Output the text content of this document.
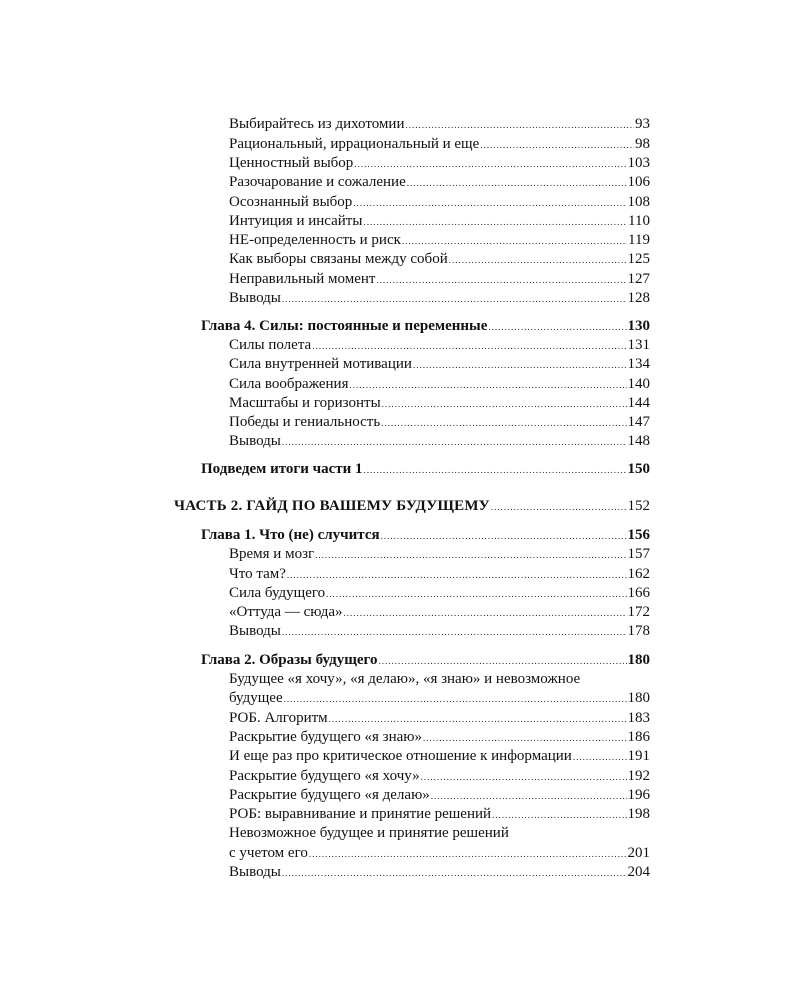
Выбирайтесь из дихотомии .....	93
Рациональный, иррациональный и еще .....	98
Ценностный выбор .....	103
Разочарование и сожаление .....	106
Осознанный выбор .....	108
Интуиция и инсайты .....	110
НЕ-определенность и риск .....	119
Как выборы связаны между собой .....	125
Неправильный момент .....	127
Выводы .....	128
Глава 4. Силы: постоянные и переменные .....	130
Силы полета .....	131
Сила внутренней мотивации .....	134
Сила воображения .....	140
Масштабы и горизонты .....	144
Победы и гениальность .....	147
Выводы .....	148
Подведем итоги части 1 .....	150
ЧАСТЬ 2. ГАЙД ПО ВАШЕМУ БУДУЩЕМУ .....	152
Глава 1. Что (не) случится .....	156
Время и мозг .....	157
Что там? .....	162
Сила будущего .....	166
«Оттуда — сюда» .....	172
Выводы .....	178
Глава 2. Образы будущего .....	180
Будущее «я хочу», «я делаю», «я знаю» и невозможное
будущее .....	180
РОБ. Алгоритм .....	183
Раскрытие будущего «я знаю» .....	186
И еще раз про критическое отношение к информации .....	191
Раскрытие будущего «я хочу» .....	192
Раскрытие будущего «я делаю» .....	196
РОБ: выравнивание и принятие решений .....	198
Невозможное будущее и принятие решений
с учетом его .....	201
Выводы .....	204
